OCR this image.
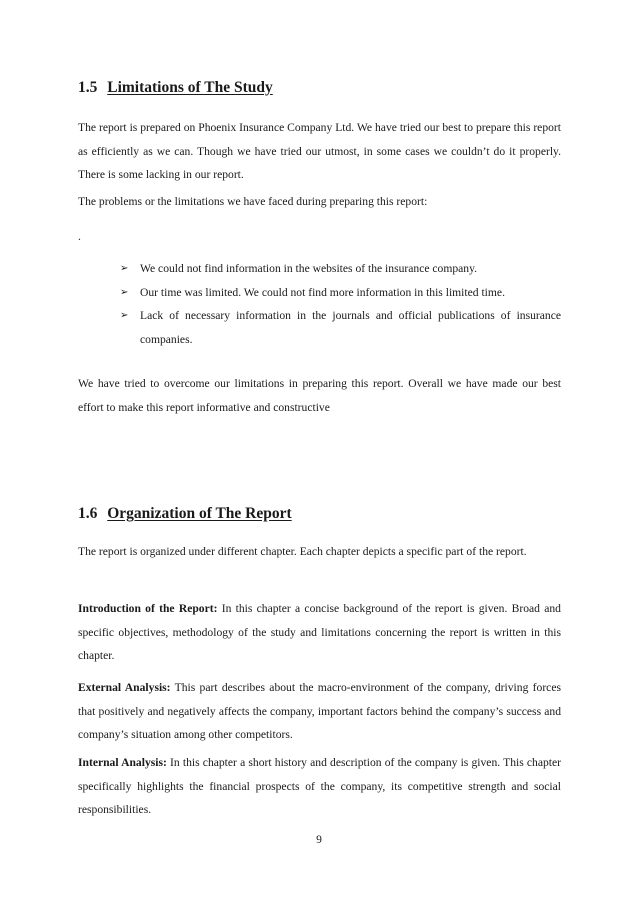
1.5 Limitations of The Study

The report is prepared on Phoenix Insurance Company Ltd. We have tried our best to prepare this report as efficiently as we can. Though we have tried our utmost, in some cases we couldn’t do it properly. There is some lacking in our report.

The problems or the limitations we have faced during preparing this report:

.

➢ We could not find information in the websites of the insurance company.
➢ Our time was limited. We could not find more information in this limited time.
➢ Lack of necessary information in the journals and official publications of insurance companies.

We have tried to overcome our limitations in preparing this report. Overall we have made our best effort to make this report informative and constructive

1.6 Organization of The Report

The report is organized under different chapter. Each chapter depicts a specific part of the report.

Introduction of the Report: In this chapter a concise background of the report is given. Broad and specific objectives, methodology of the study and limitations concerning the report is written in this chapter.

External Analysis: This part describes about the macro-environment of the company, driving forces that positively and negatively affects the company, important factors behind the company’s success and company’s situation among other competitors.

Internal Analysis: In this chapter a short history and description of the company is given. This chapter specifically highlights the financial prospects of the company, its competitive strength and social responsibilities.

9
